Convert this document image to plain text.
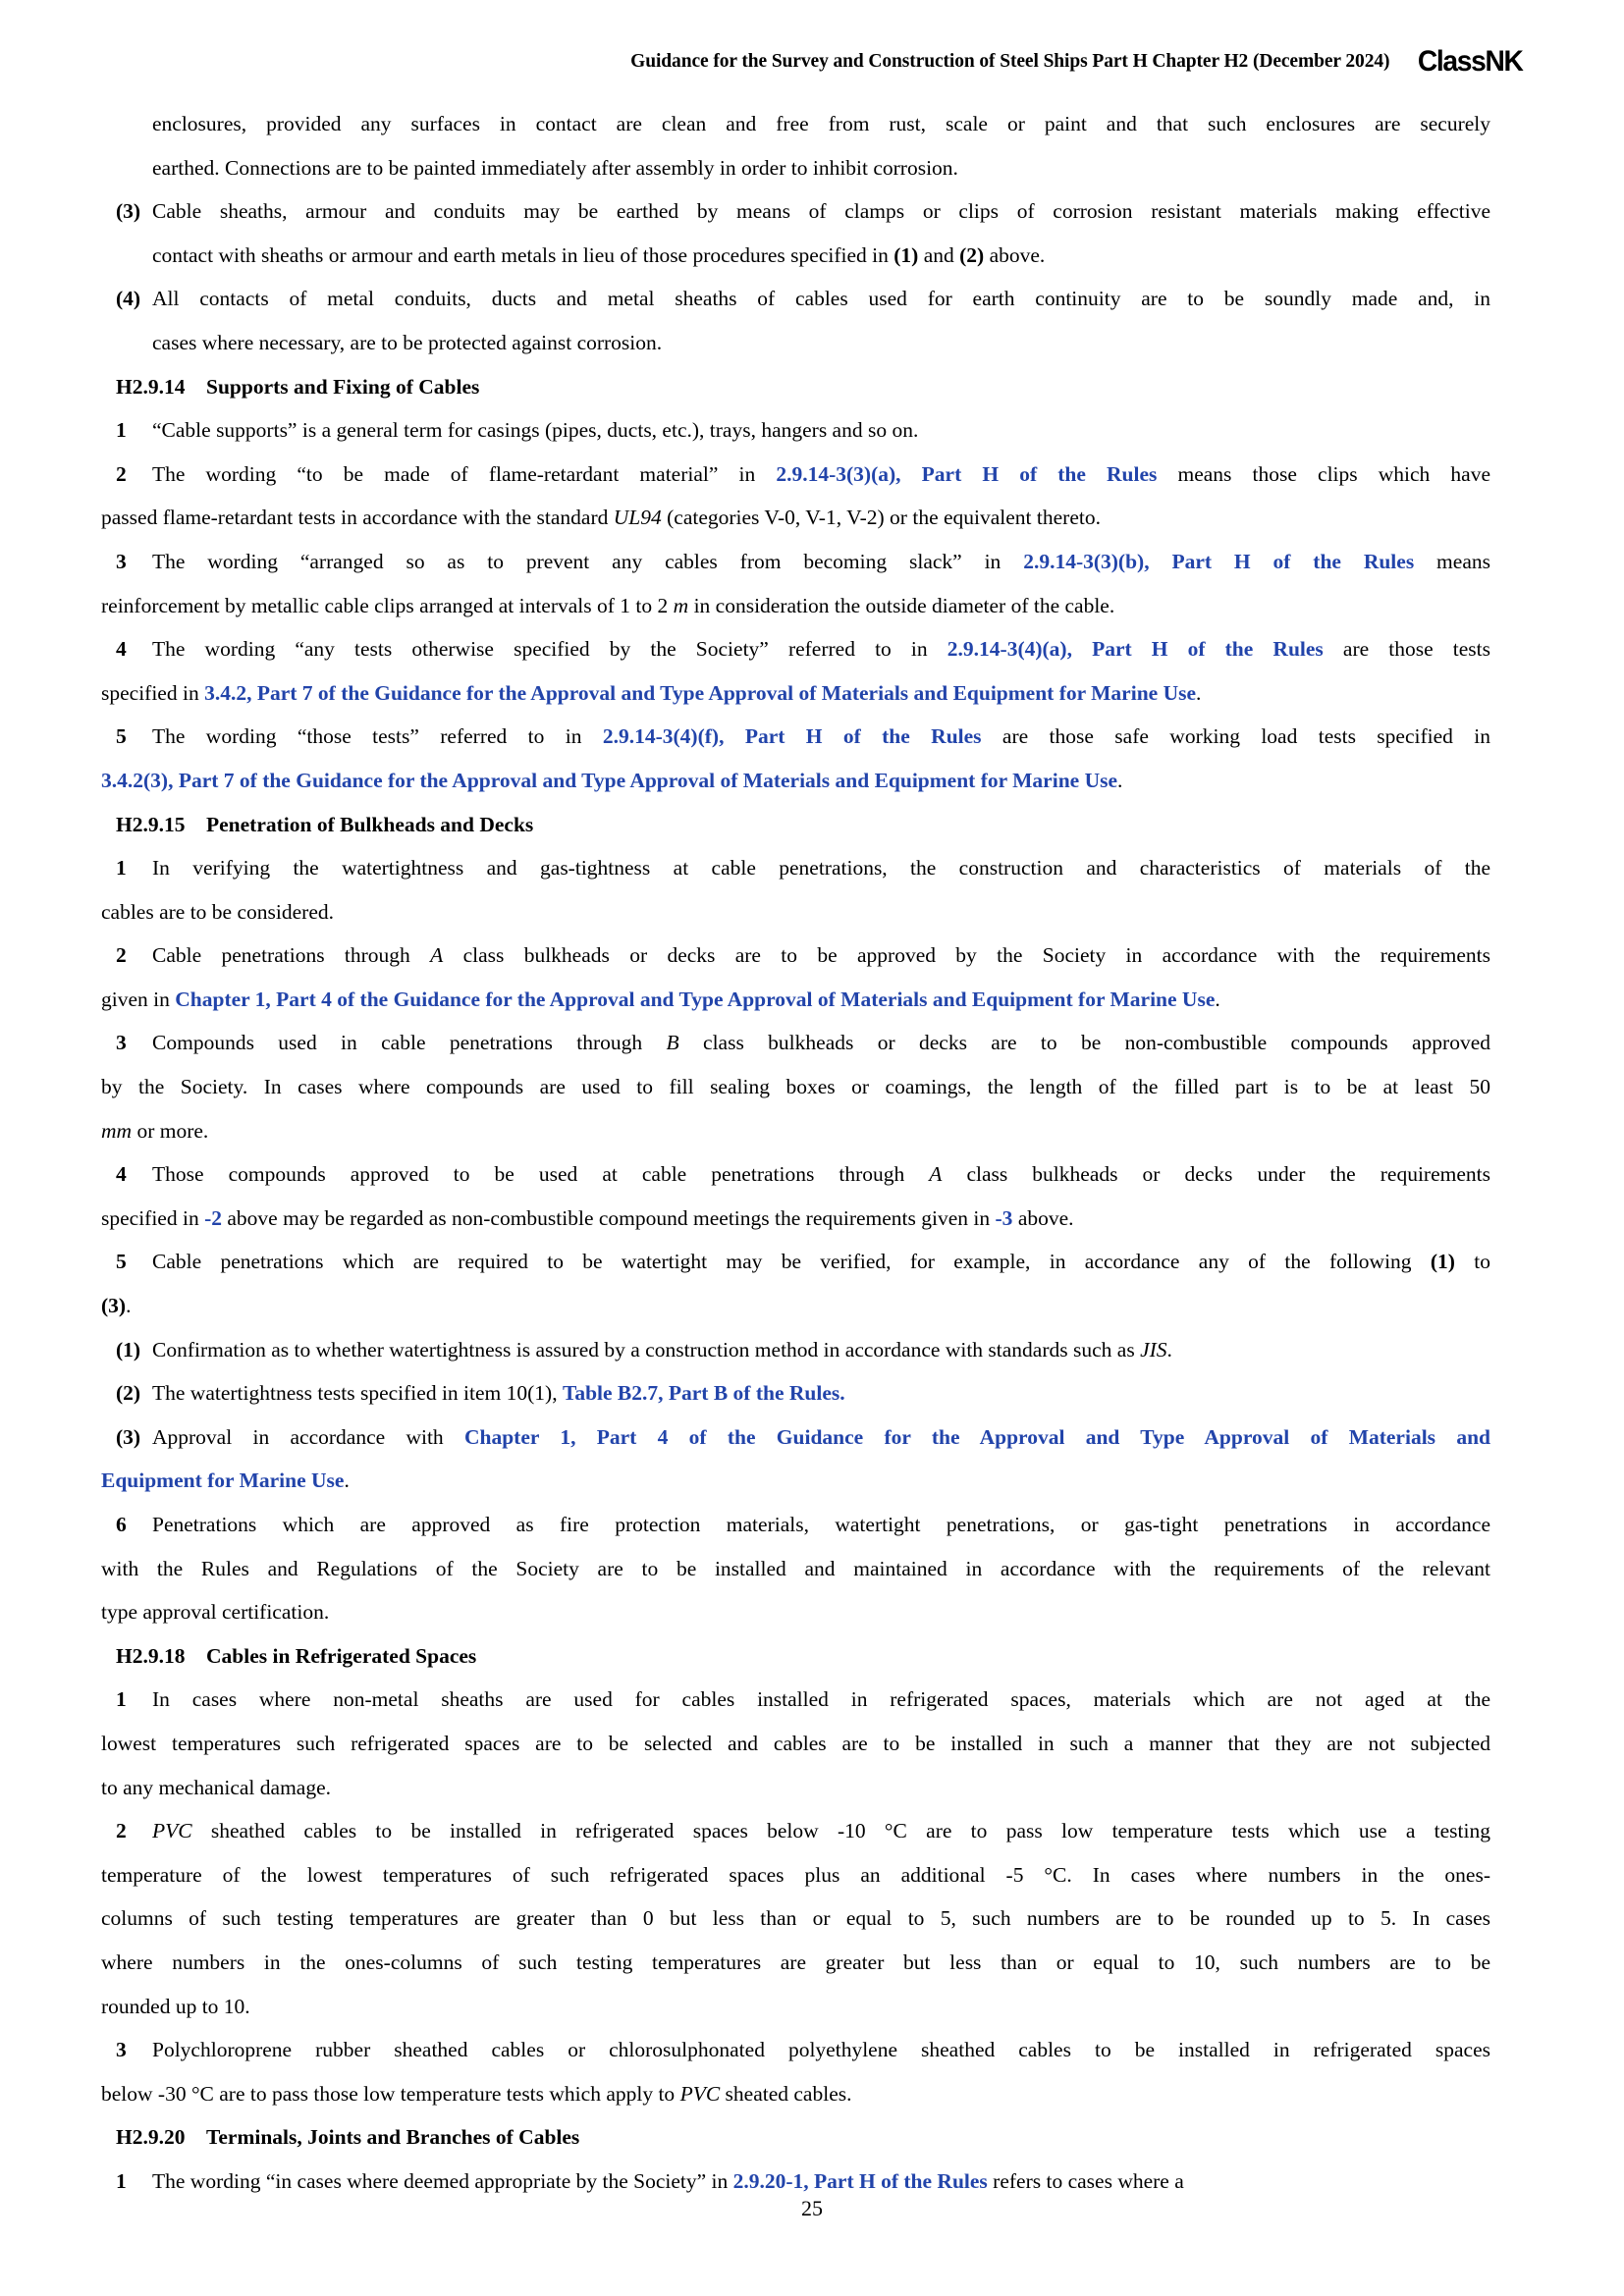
Guidance for the Survey and Construction of Steel Ships Part H Chapter H2 (December 2024) ClassNK
enclosures, provided any surfaces in contact are clean and free from rust, scale or paint and that such enclosures are securely
earthed. Connections are to be painted immediately after assembly in order to inhibit corrosion.
(3) Cable sheaths, armour and conduits may be earthed by means of clamps or clips of corrosion resistant materials making effective
contact with sheaths or armour and earth metals in lieu of those procedures specified in (1) and (2) above.
(4) All contacts of metal conduits, ducts and metal sheaths of cables used for earth continuity are to be soundly made and, in
cases where necessary, are to be protected against corrosion.
H2.9.14 Supports and Fixing of Cables
1 “Cable supports” is a general term for casings (pipes, ducts, etc.), trays, hangers and so on.
2 The wording “to be made of flame-retardant material” in 2.9.14-3(3)(a), Part H of the Rules means those clips which have
passed flame-retardant tests in accordance with the standard UL94 (categories V-0, V-1, V-2) or the equivalent thereto.
3 The wording “arranged so as to prevent any cables from becoming slack” in 2.9.14-3(3)(b), Part H of the Rules means
reinforcement by metallic cable clips arranged at intervals of 1 to 2 m in consideration the outside diameter of the cable.
4 The wording “any tests otherwise specified by the Society” referred to in 2.9.14-3(4)(a), Part H of the Rules are those tests
specified in 3.4.2, Part 7 of the Guidance for the Approval and Type Approval of Materials and Equipment for Marine Use.
5 The wording “those tests” referred to in 2.9.14-3(4)(f), Part H of the Rules are those safe working load tests specified in
3.4.2(3), Part 7 of the Guidance for the Approval and Type Approval of Materials and Equipment for Marine Use.
H2.9.15 Penetration of Bulkheads and Decks
1 In verifying the watertightness and gas-tightness at cable penetrations, the construction and characteristics of materials of the
cables are to be considered.
2 Cable penetrations through A class bulkheads or decks are to be approved by the Society in accordance with the requirements
given in Chapter 1, Part 4 of the Guidance for the Approval and Type Approval of Materials and Equipment for Marine Use.
3 Compounds used in cable penetrations through B class bulkheads or decks are to be non-combustible compounds approved
by the Society. In cases where compounds are used to fill sealing boxes or coamings, the length of the filled part is to be at least 50
mm or more.
4 Those compounds approved to be used at cable penetrations through A class bulkheads or decks under the requirements
specified in -2 above may be regarded as non-combustible compound meetings the requirements given in -3 above.
5 Cable penetrations which are required to be watertight may be verified, for example, in accordance any of the following (1) to
(3).
(1) Confirmation as to whether watertightness is assured by a construction method in accordance with standards such as JIS.
(2) The watertightness tests specified in item 10(1), Table B2.7, Part B of the Rules.
(3) Approval in accordance with Chapter 1, Part 4 of the Guidance for the Approval and Type Approval of Materials and
Equipment for Marine Use.
6 Penetrations which are approved as fire protection materials, watertight penetrations, or gas-tight penetrations in accordance
with the Rules and Regulations of the Society are to be installed and maintained in accordance with the requirements of the relevant
type approval certification.
H2.9.18 Cables in Refrigerated Spaces
1 In cases where non-metal sheaths are used for cables installed in refrigerated spaces, materials which are not aged at the
lowest temperatures such refrigerated spaces are to be selected and cables are to be installed in such a manner that they are not subjected
to any mechanical damage.
2 PVC sheathed cables to be installed in refrigerated spaces below -10 °C are to pass low temperature tests which use a testing
temperature of the lowest temperatures of such refrigerated spaces plus an additional -5 °C. In cases where numbers in the ones-
columns of such testing temperatures are greater than 0 but less than or equal to 5, such numbers are to be rounded up to 5. In cases
where numbers in the ones-columns of such testing temperatures are greater but less than or equal to 10, such numbers are to be
rounded up to 10.
3 Polychloroprene rubber sheathed cables or chlorosulphonated polyethylene sheathed cables to be installed in refrigerated spaces
below -30 °C are to pass those low temperature tests which apply to PVC sheated cables.
H2.9.20 Terminals, Joints and Branches of Cables
1 The wording “in cases where deemed appropriate by the Society” in 2.9.20-1, Part H of the Rules refers to cases where a
25
